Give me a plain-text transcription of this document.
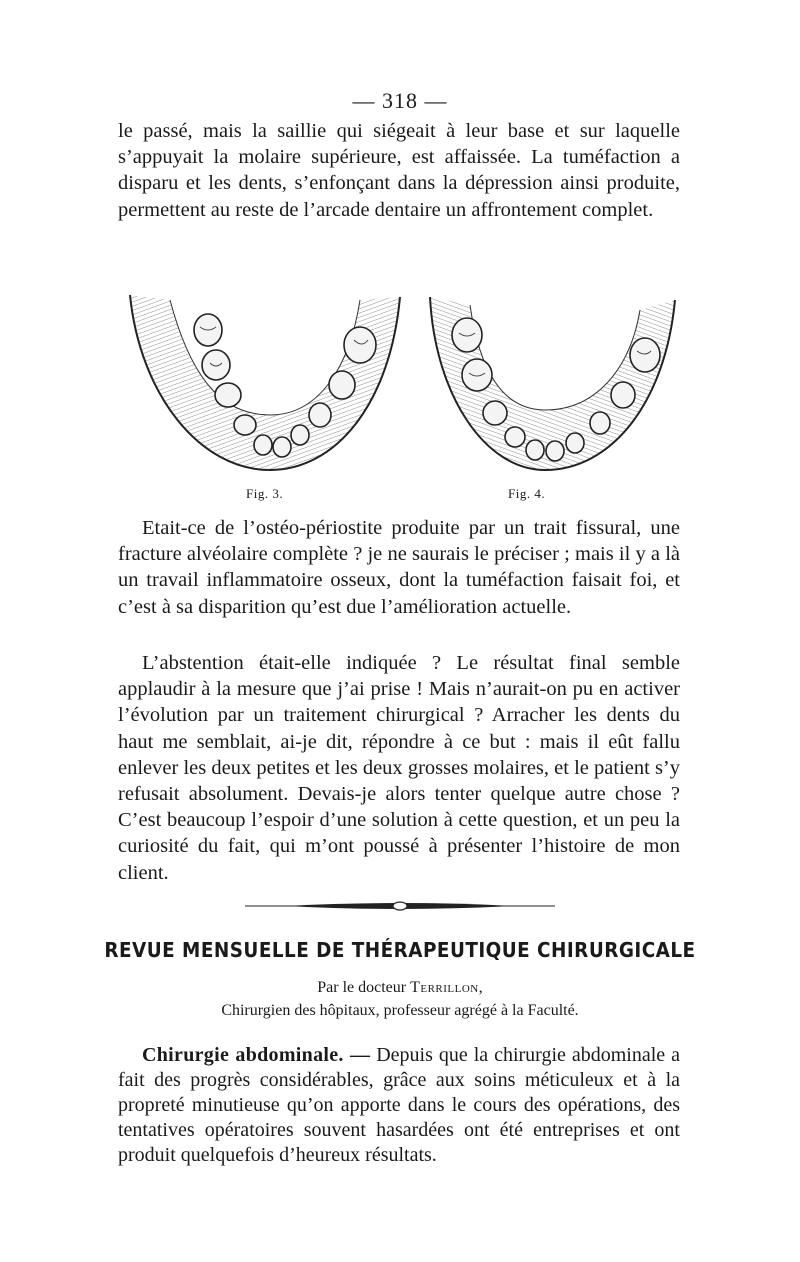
— 318 —

le passé, mais la saillie qui siégeait à leur base et sur laquelle s’appuyait la molaire supérieure, est affaissée. La tuméfaction a disparu et les dents, s’enfonçant dans la dépression ainsi produite, permettent au reste de l’arcade dentaire un affrontement complet.

Fig. 3.	Fig. 4.

Etait-ce de l’ostéo-périostite produite par un trait fissural, une fracture alvéolaire complète ? je ne saurais le préciser ; mais il y a là un travail inflammatoire osseux, dont la tuméfaction faisait foi, et c’est à sa disparition qu’est due l’amélioration actuelle.

L’abstention était-elle indiquée ? Le résultat final semble applaudir à la mesure que j’ai prise ! Mais n’aurait-on pu en activer l’évolution par un traitement chirurgical ? Arracher les dents du haut me semblait, ai-je dit, répondre à ce but : mais il eût fallu enlever les deux petites et les deux grosses molaires, et le patient s’y refusait absolument. Devais-je alors tenter quelque autre chose ? C’est beaucoup l’espoir d’une solution à cette question, et un peu la curiosité du fait, qui m’ont poussé à présenter l’histoire de mon client.

REVUE MENSUELLE DE THÉRAPEUTIQUE CHIRURGICALE
Par le docteur Terrillon,
Chirurgien des hôpitaux, professeur agrégé à la Faculté.

Chirurgie abdominale. — Depuis que la chirurgie abdominale a fait des progrès considérables, grâce aux soins méticuleux et à la propreté minutieuse qu’on apporte dans le cours des opérations, des tentatives opératoires souvent hasardées ont été entreprises et ont produit quelquefois d’heureux résultats.
